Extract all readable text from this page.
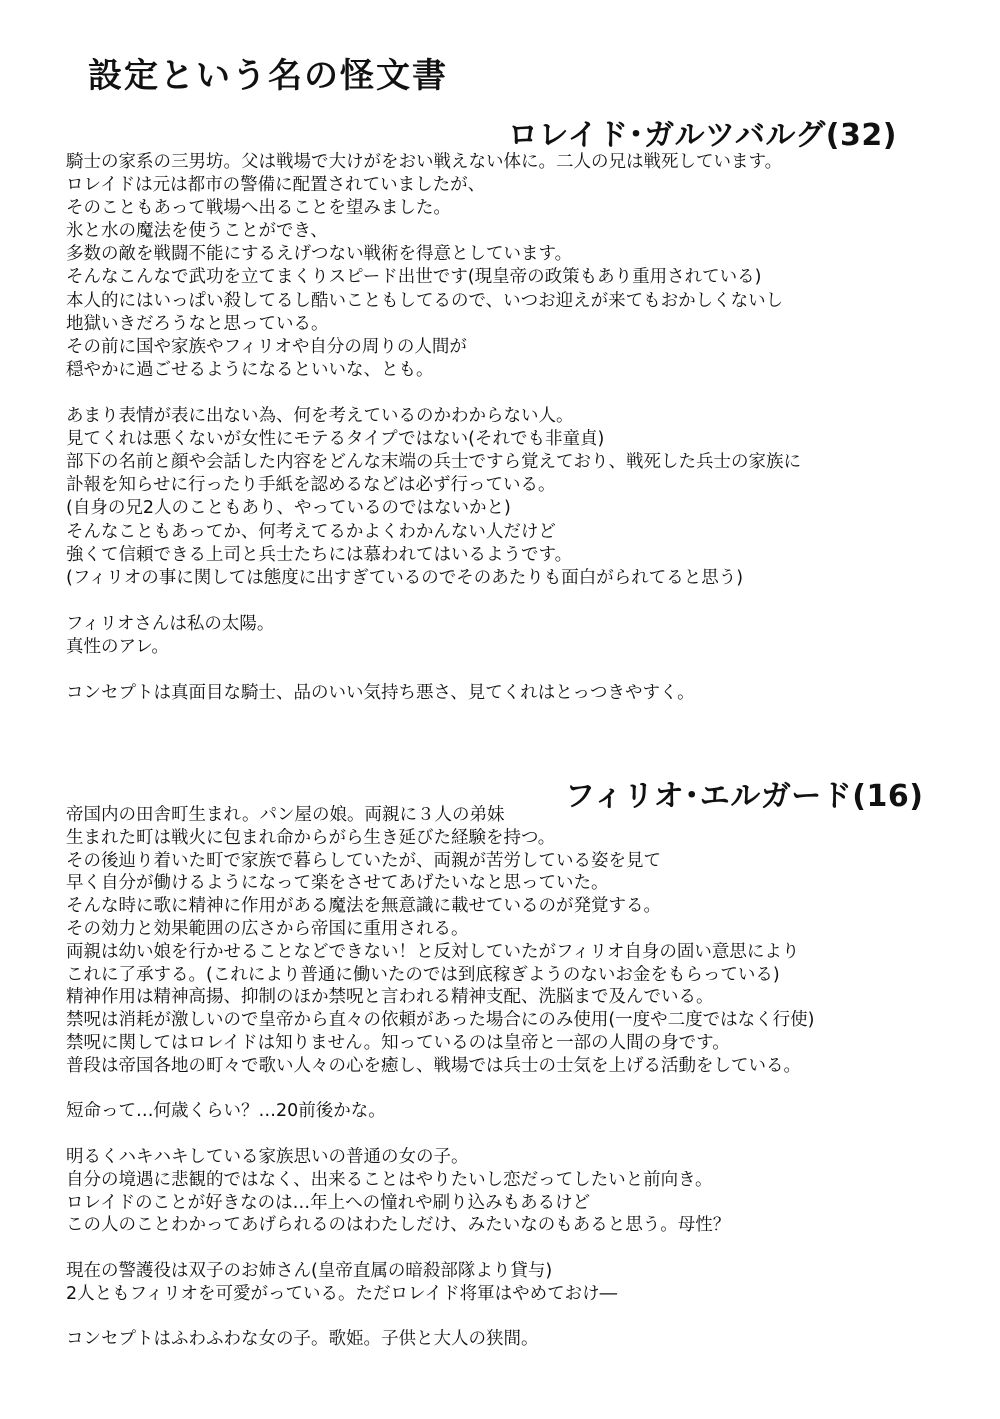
設定という名の怪文書
ロレイド･ガルツバルグ(32)
騎士の家系の三男坊。父は戦場で大けがをおい戦えない体に。二人の兄は戦死しています。
ロレイドは元は都市の警備に配置されていましたが、
そのこともあって戦場へ出ることを望みました。
氷と水の魔法を使うことができ、
多数の敵を戦闘不能にするえげつない戦術を得意としています。
そんなこんなで武功を立てまくりスピード出世です(現皇帝の政策もあり重用されている)
本人的にはいっぱい殺してるし酷いこともしてるので、いつお迎えが来てもおかしくないし
地獄いきだろうなと思っている。
その前に国や家族やフィリオや自分の周りの人間が
穏やかに過ごせるようになるといいな、とも。
あまり表情が表に出ない為、何を考えているのかわからない人。
見てくれは悪くないが女性にモテるタイプではない(それでも非童貞)
部下の名前と顔や会話した内容をどんな末端の兵士ですら覚えており、戦死した兵士の家族に
訃報を知らせに行ったり手紙を認めるなどは必ず行っている。
(自身の兄2人のこともあり、やっているのではないかと)
そんなこともあってか、何考えてるかよくわかんない人だけど
強くて信頼できる上司と兵士たちには慕われてはいるようです。
(フィリオの事に関しては態度に出すぎているのでそのあたりも面白がられてると思う)
フィリオさんは私の太陽。
真性のアレ。
コンセプトは真面目な騎士、品のいい気持ち悪さ、見てくれはとっつきやすく。
フィリオ･エルガード(16)
帝国内の田舎町生まれ。パン屋の娘。両親に３人の弟妹
生まれた町は戦火に包まれ命からがら生き延びた経験を持つ。
その後辿り着いた町で家族で暮らしていたが、両親が苦労している姿を見て
早く自分が働けるようになって楽をさせてあげたいなと思っていた。
そんな時に歌に精神に作用がある魔法を無意識に載せているのが発覚する。
その効力と効果範囲の広さから帝国に重用される。
両親は幼い娘を行かせることなどできない！と反対していたがフィリオ自身の固い意思により
これに了承する。(これにより普通に働いたのでは到底稼ぎようのないお金をもらっている)
精神作用は精神高揚、抑制のほか禁呪と言われる精神支配、洗脳まで及んでいる。
禁呪は消耗が激しいので皇帝から直々の依頼があった場合にのみ使用(一度や二度ではなく行使)
禁呪に関してはロレイドは知りません。知っているのは皇帝と一部の人間の身です。
普段は帝国各地の町々で歌い人々の心を癒し、戦場では兵士の士気を上げる活動をしている。
短命って…何歳くらい？…20前後かな。
明るくハキハキしている家族思いの普通の女の子。
自分の境遇に悲観的ではなく、出来ることはやりたいし恋だってしたいと前向き。
ロレイドのことが好きなのは…年上への憧れや刷り込みもあるけど
この人のことわかってあげられるのはわたしだけ、みたいなのもあると思う。母性？
現在の警護役は双子のお姉さん(皇帝直属の暗殺部隊より貸与)
2人ともフィリオを可愛がっている。ただロレイド将軍はやめておけ―
コンセプトはふわふわな女の子。歌姫。子供と大人の狭間。
